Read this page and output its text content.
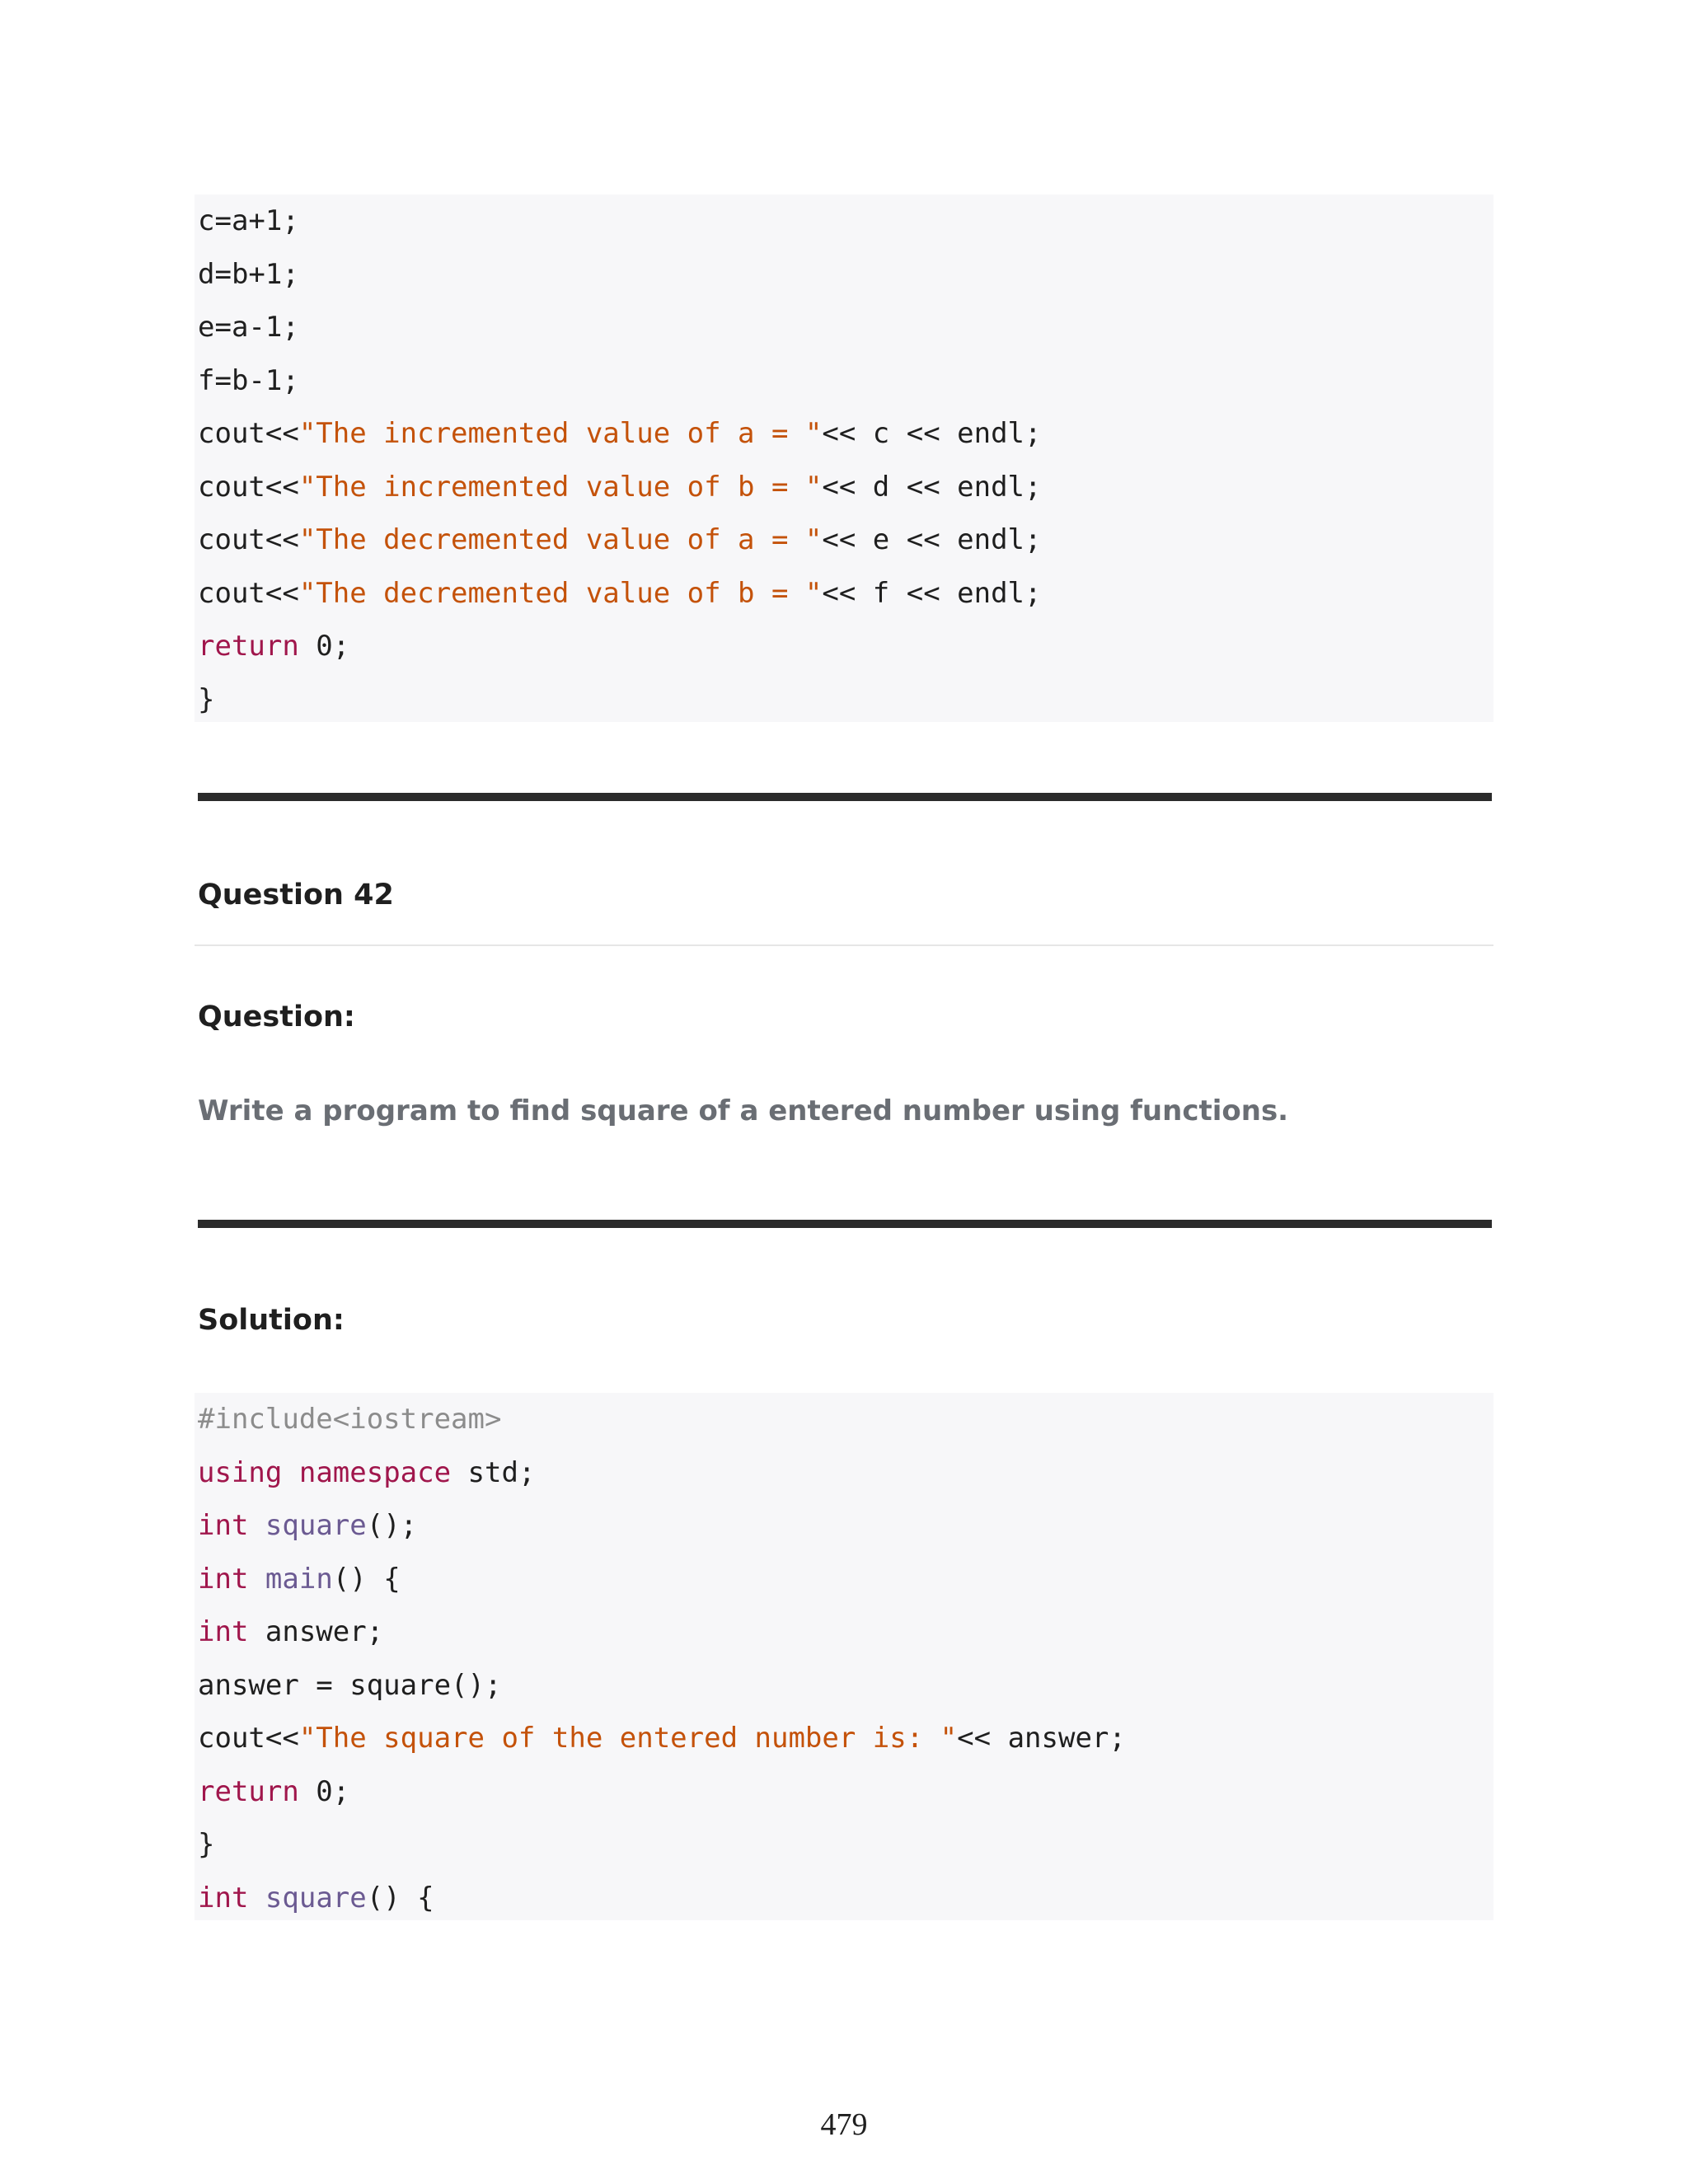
c=a+1;
d=b+1;
e=a-1;
f=b-1;
cout<<"The incremented value of a = "<< c << endl;
cout<<"The incremented value of b = "<< d << endl;
cout<<"The decremented value of a = "<< e << endl;
cout<<"The decremented value of b = "<< f << endl;
return 0;
}
Question 42
Question:
Write a program to find square of a entered number using functions.
Solution:
#include<iostream>
using namespace std;
int square();
int main() {
int answer;
answer = square();
cout<<"The square of the entered number is: "<< answer;
return 0;
}
int square() {
479
